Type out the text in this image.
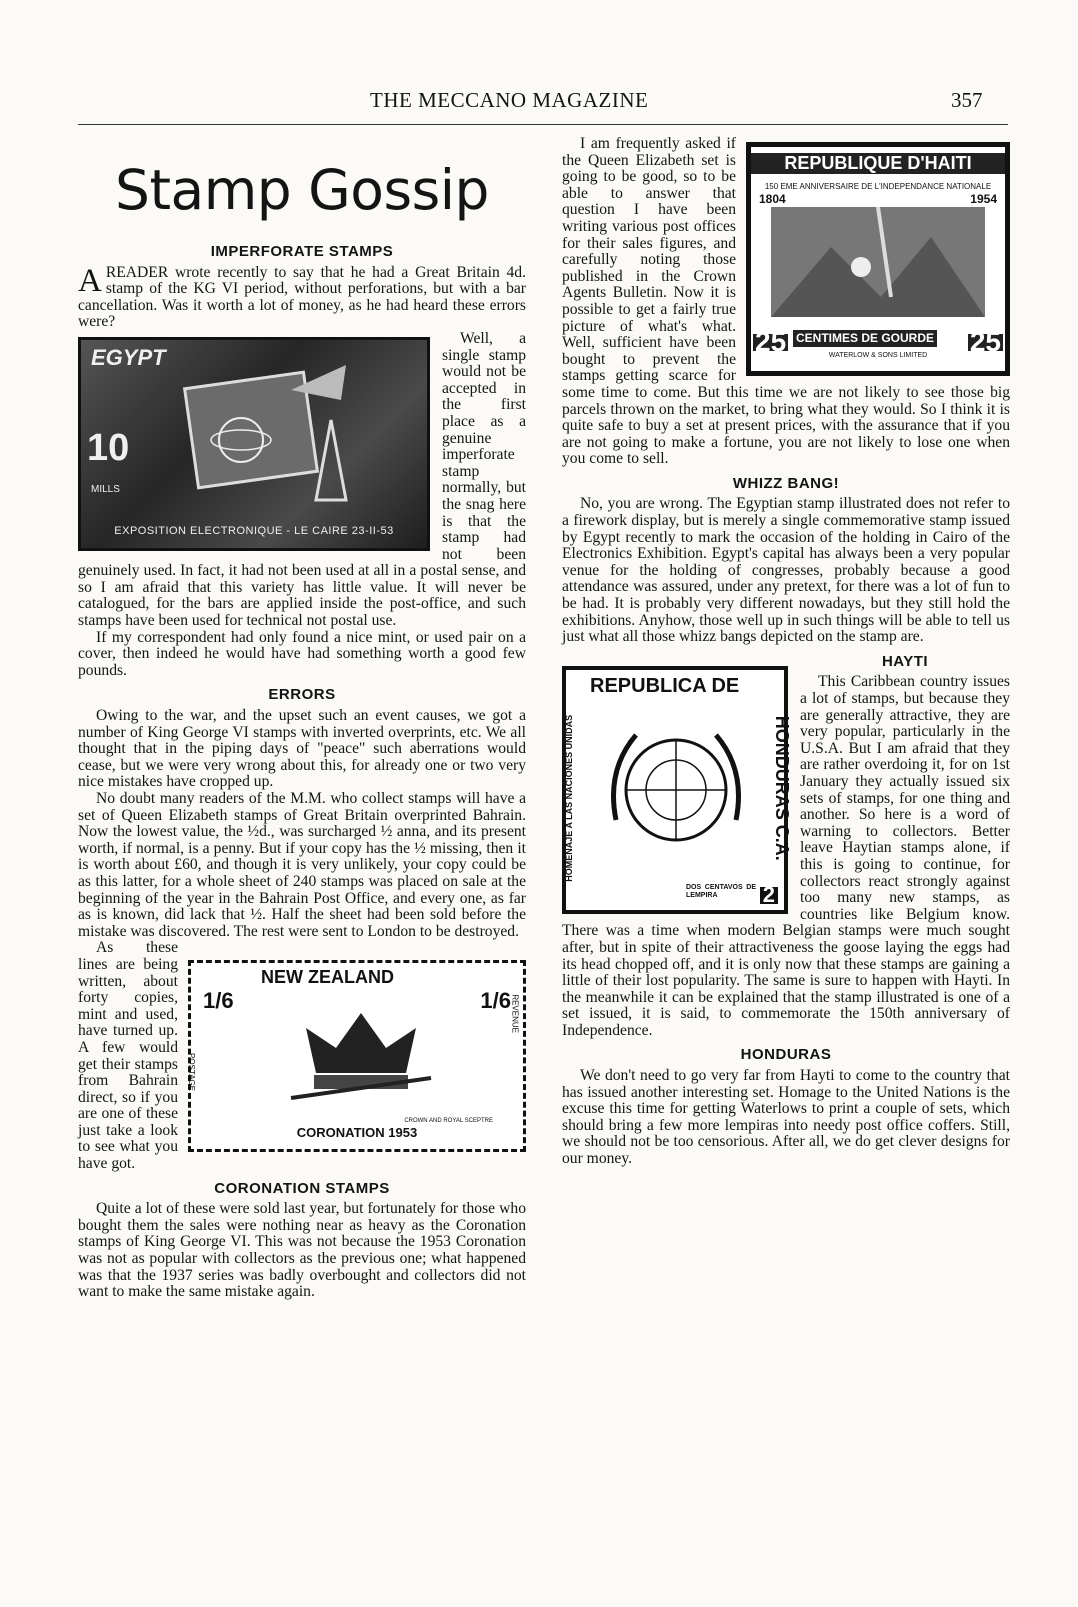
THE MECCANO MAGAZINE	357
Stamp Gossip
IMPERFORATE STAMPS

AREADER wrote recently to say that he had a Great Britain 4d. stamp of the KG VI period, without perforations, but with a bar cancellation. Was it worth a lot of money, as he had heard these errors were?

EGYPT
10
MILLS
EXPOSITION ELECTRONIQUE - LE CAIRE 23-II-53

Well, a single stamp would not be accepted in the first place as a genuine imperforate stamp normally, but the snag here is that the stamp had not been genuinely used. In fact, it had not been used at all in a postal sense, and so I am afraid that this variety has little value. It will never be catalogued, for the bars are applied inside the post-office, and such stamps have been used for technical not postal use.

If my correspondent had only found a nice mint, or used pair on a cover, then indeed he would have had something worth a good few pounds.

ERRORS

Owing to the war, and the upset such an event causes, we got a number of King George VI stamps with inverted overprints, etc. We all thought that in the piping days of "peace" such aberrations would cease, but we were very wrong about this, for already one or two very nice mistakes have cropped up.

No doubt many readers of the M.M. who collect stamps will have a set of Queen Elizabeth stamps of Great Britain overprinted Bahrain. Now the lowest value, the ½d., was surcharged ½ anna, and its present worth, if normal, is a penny. But if your copy has the ½ missing, then it is worth about £60, and though it is very unlikely, your copy could be as this latter, for a whole sheet of 240 stamps was placed on sale at the beginning of the year in the Bahrain Post Office, and every one, as far as is known, did lack that ½. Half the sheet had been sold before the mistake was discovered. The rest were sent to London to be destroyed.

NEW ZEALAND
1/6	1/6
POSTAGE
REVENUE
CROWN AND ROYAL SCEPTRE
CORONATION 1953

As these lines are being written, about forty copies, mint and used, have turned up. A few would get their stamps from Bahrain direct, so if you are one of these just take a look to see what you have got.

CORONATION STAMPS

Quite a lot of these were sold last year, but fortunately for those who bought them the sales were nothing near as heavy as the Coronation stamps of King George VI. This was not because the 1953 Coronation was not as popular with collectors as the previous one; what happened was that the 1937 series was badly overbought and collectors did not want to make the same mistake again.

REPUBLIQUE D'HAITI
150 EME ANNIVERSAIRE DE L'INDEPENDANCE NATIONALE
1804	1954
25	25
CENTIMES DE GOURDE
WATERLOW & SONS LIMITED

I am frequently asked if the Queen Elizabeth set is going to be good, so to be able to answer that question I have been writing various post offices for their sales figures, and carefully noting those published in the Crown Agents Bulletin. Now it is possible to get a fairly true picture of what's what. Well, sufficient have been bought to prevent the stamps getting scarce for some time to come. But this time we are not likely to see those big parcels thrown on the market, to bring what they would. So I think it is quite safe to buy a set at present prices, with the assurance that if you are not going to make a fortune, you are not likely to lose one when you come to sell.

WHIZZ BANG!

No, you are wrong. The Egyptian stamp illustrated does not refer to a firework display, but is merely a single commemorative stamp issued by Egypt recently to mark the occasion of the holding in Cairo of the Electronics Exhibition. Egypt's capital has always been a very popular venue for the holding of congresses, probably because a good attendance was assured, under any pretext, for there was a lot of fun to be had. It is probably very different nowadays, but they still hold the exhibitions. Anyhow, those well up in such things will be able to tell us just what all those whizz bangs depicted on the stamp are.

REPUBLICA DE
HONDURAS C.A.
HOMENAJE A LAS NACIONES UNIDAS
DOS CENTAVOS DE LEMPIRA	2
HAYTI

This Caribbean country issues a lot of stamps, but because they are generally attractive, they are very popular, particularly in the U.S.A. But I am afraid that they are rather overdoing it, for on 1st January they actually issued six sets of stamps, for one thing and another. So here is a word of warning to collectors. Better leave Haytian stamps alone, if this is going to continue, for collectors react strongly against too many new stamps, as countries like Belgium know. There was a time when modern Belgian stamps were much sought after, but in spite of their attractiveness the goose laying the eggs had its head chopped off, and it is only now that these stamps are gaining a little of their lost popularity. The same is sure to happen with Hayti. In the meanwhile it can be explained that the stamp illustrated is one of a set issued, it is said, to commemorate the 150th anniversary of Independence.

HONDURAS

We don't need to go very far from Hayti to come to the country that has issued another interesting set. Homage to the United Nations is the excuse this time for getting Waterlows to print a couple of sets, which should bring a few more lempiras into needy post office coffers. Still, we should not be too censorious. After all, we do get clever designs for our money.
